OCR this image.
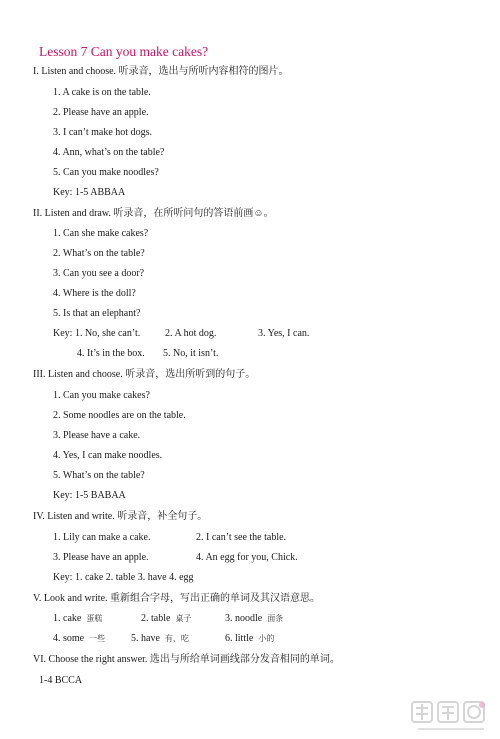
Lesson 7 Can you make cakes?
I. Listen and choose. 听录音，选出与所听内容相符的图片。
1. A cake is on the table.
2. Please have an apple.
3. I can’t make hot dogs.
4. Ann, what’s on the table?
5. Can you make noodles?
Key: 1-5 ABBAA
II. Listen and draw. 听录音，在所听问句的答语前画☺。
1. Can she make cakes?
2. What’s on the table?
3. Can you see a door?
4. Where is the doll?
5. Is that an elephant?
Key: 1. No, she can’t. 2. A hot dog.	3. Yes, I can.
4. It’s in the box. 5. No, it isn’t.
III. Listen and choose. 听录音，选出所听到的句子。
1. Can you make cakes?
2. Some noodles are on the table.
3. Please have a cake.
4. Yes, I can make noodles.
5. What’s on the table?
Key: 1-5 BABAA
IV. Listen and write. 听录音，补全句子。
1. Lily can make a cake.	2. I can’t see the table.
3. Please have an apple.	4. An egg for you, Chick.
Key: 1. cake 2. table 3. have 4. egg
V. Look and write. 重新组合字母，写出正确的单词及其汉语意思。
1. cake 蛋糕	2. table 桌子	3. noodle 面条
4. some 一些	5. have 有、吃	6. little 小的
VI. Choose the right answer. 选出与所给单词画线部分发音相同的单词。
1-4 BCCA
